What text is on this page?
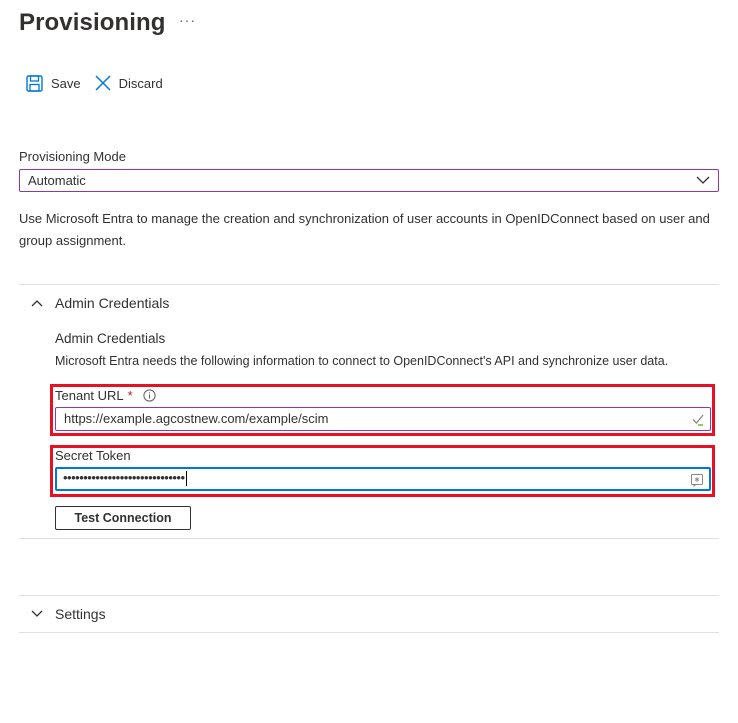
Provisioning ···
Save	Discard
Provisioning Mode
Automatic
Use Microsoft Entra to manage the creation and synchronization of user accounts in OpenIDConnect based on user and group assignment.
Admin Credentials
Admin Credentials
Microsoft Entra needs the following information to connect to OpenIDConnect's API and synchronize user data.
Tenant URL *
https://example.agcostnew.com/example/scim
Secret Token
••••••••••••••••••••••••••••••
Test Connection
Settings
